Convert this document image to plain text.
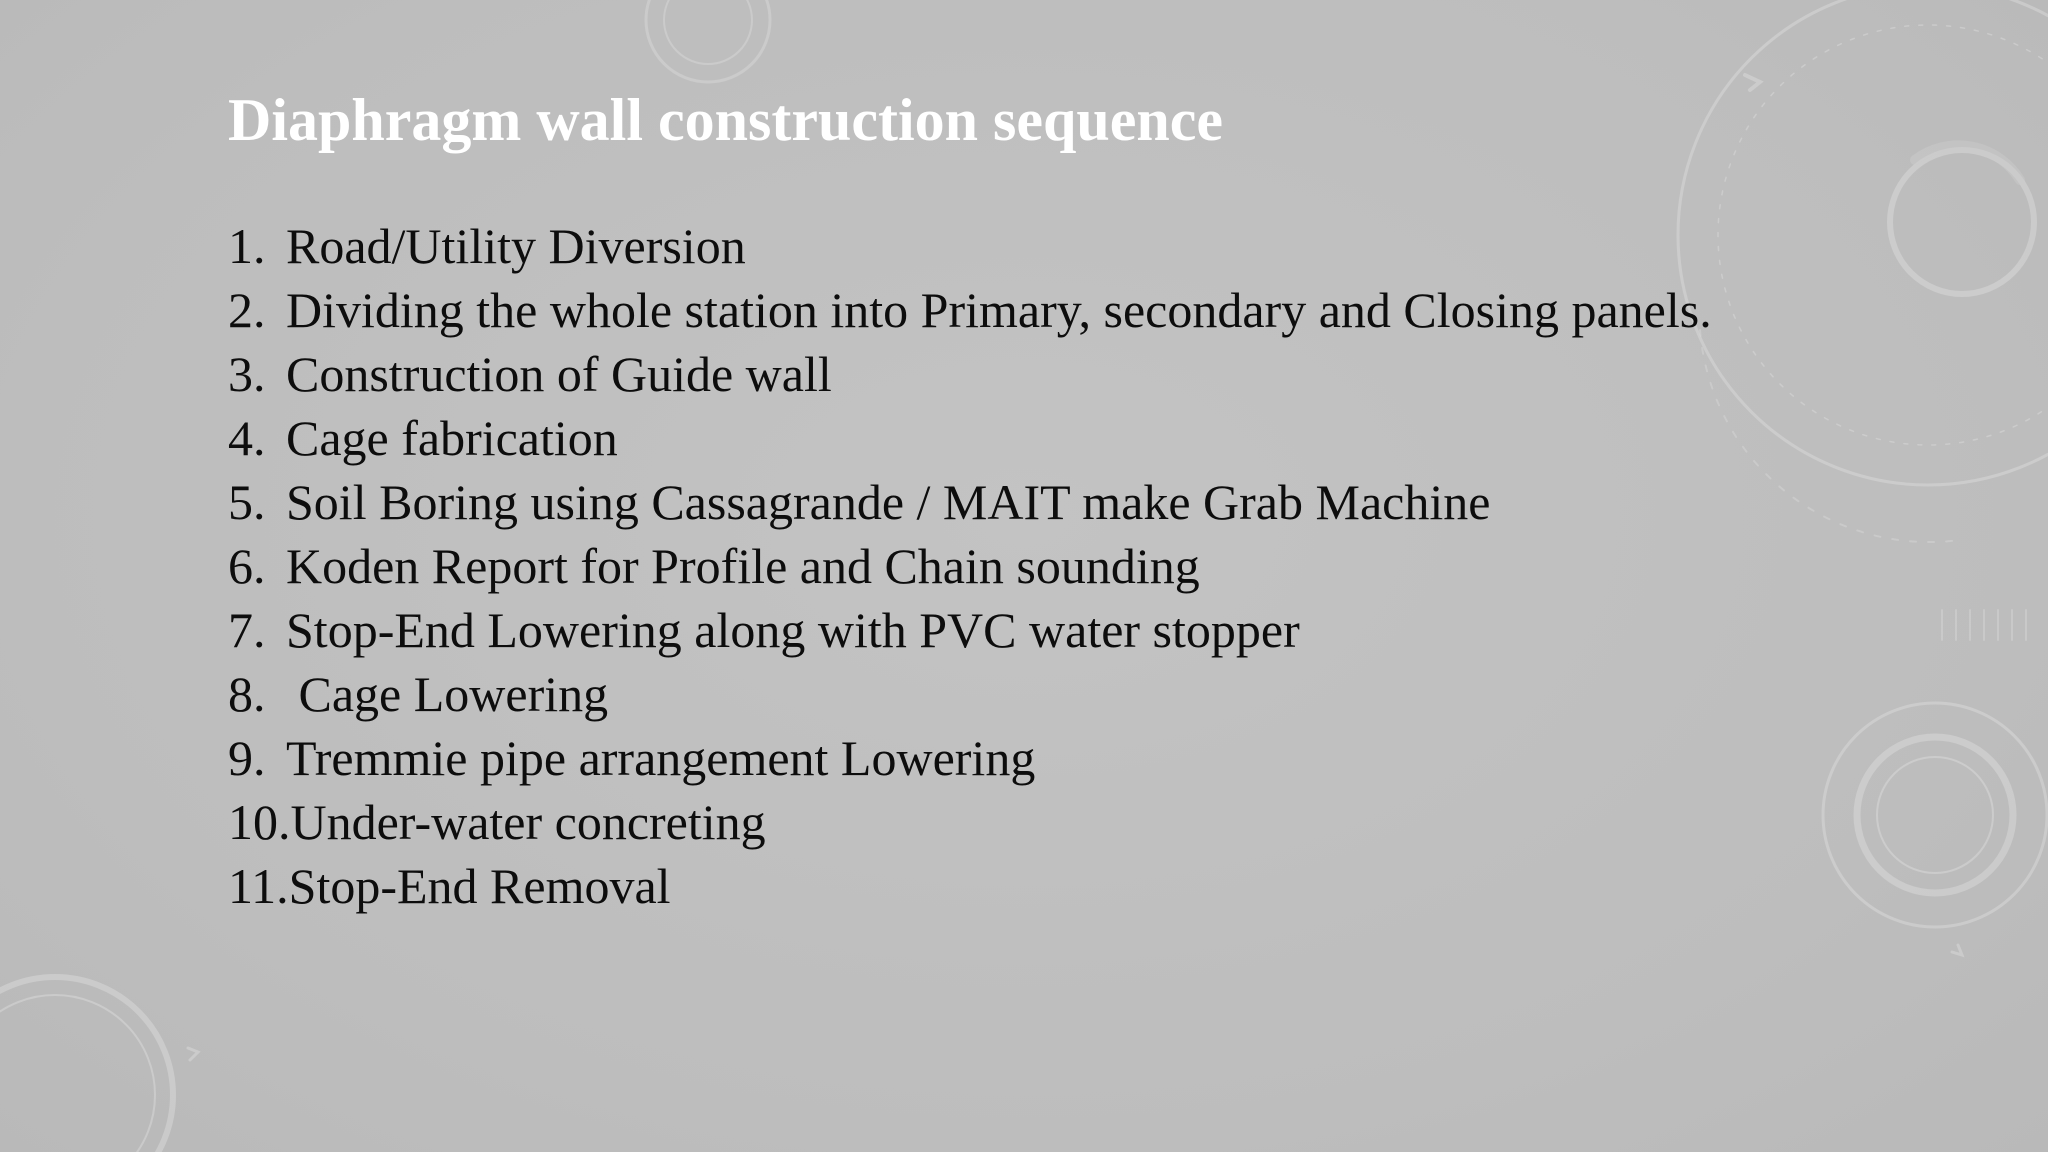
Diaphragm wall construction sequence
1. Road/Utility Diversion
2. Dividing the whole station into Primary, secondary and Closing panels.
3. Construction of Guide wall
4. Cage fabrication
5. Soil Boring using Cassagrande / MAIT make Grab Machine
6. Koden Report for Profile and Chain sounding
7. Stop-End Lowering along with PVC water stopper
8. Cage Lowering
9. Tremmie pipe arrangement Lowering
10. Under-water concreting
11. Stop-End Removal
